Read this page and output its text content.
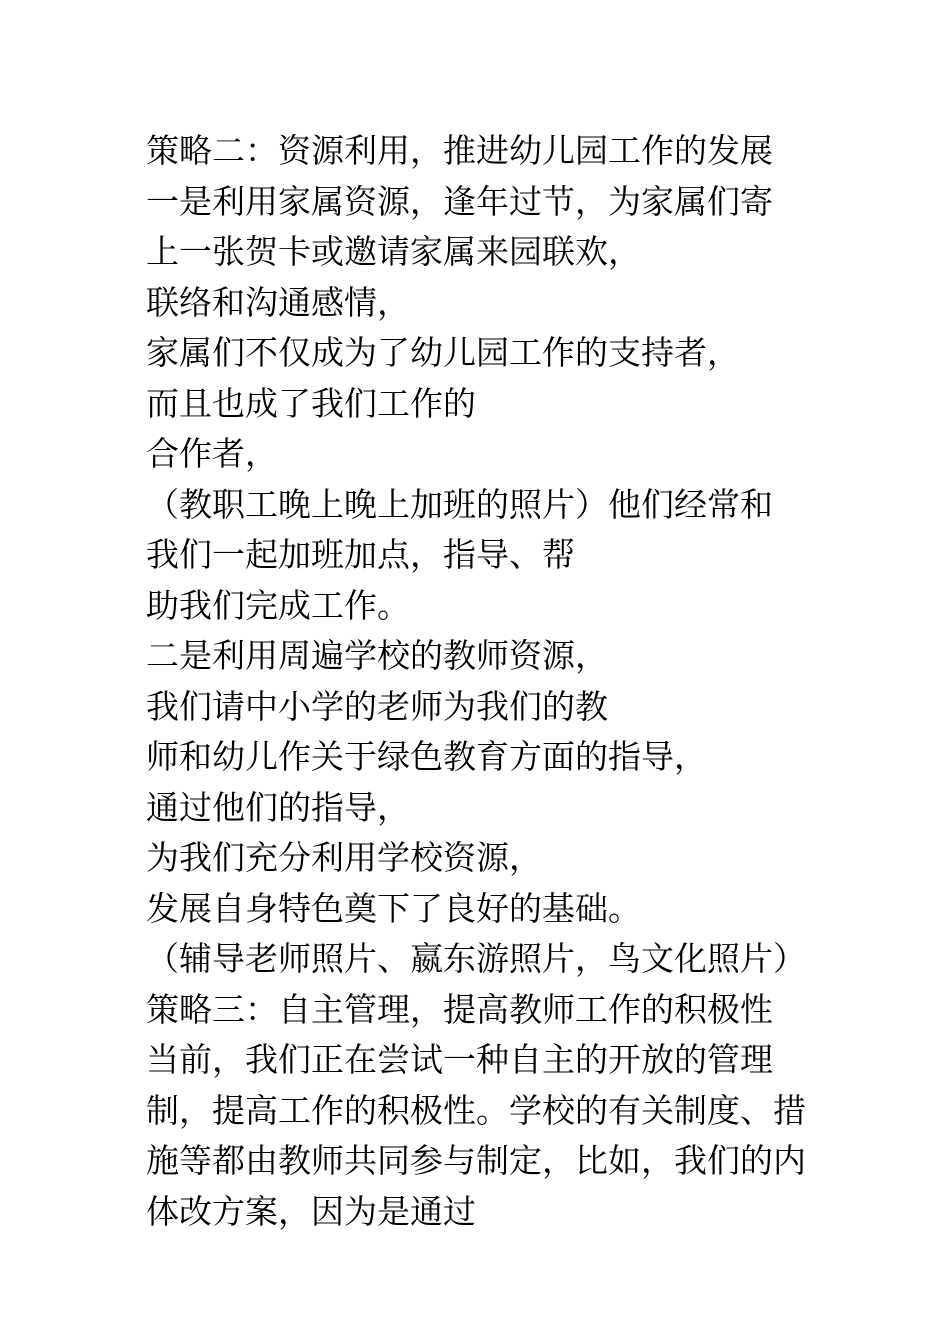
策略二：资源利用，推进幼儿园工作的发展
一是利用家属资源，逢年过节，为家属们寄
上一张贺卡或邀请家属来园联欢，
联络和沟通感情，
家属们不仅成为了幼儿园工作的支持者，
而且也成了我们工作的
合作者，
（教职工晚上晚上加班的照片）他们经常和
我们一起加班加点，指导、帮
助我们完成工作。
二是利用周遍学校的教师资源，
我们请中小学的老师为我们的教
师和幼儿作关于绿色教育方面的指导，
通过他们的指导，
为我们充分利用学校资源，
发展自身特色奠下了良好的基础。
（辅导老师照片、嬴东游照片，鸟文化照片）
策略三：自主管理，提高教师工作的积极性
当前，我们正在尝试一种自主的开放的管理
制，提高工作的积极性。学校的有关制度、措
施等都由教师共同参与制定，比如，我们的内
体改方案，因为是通过
